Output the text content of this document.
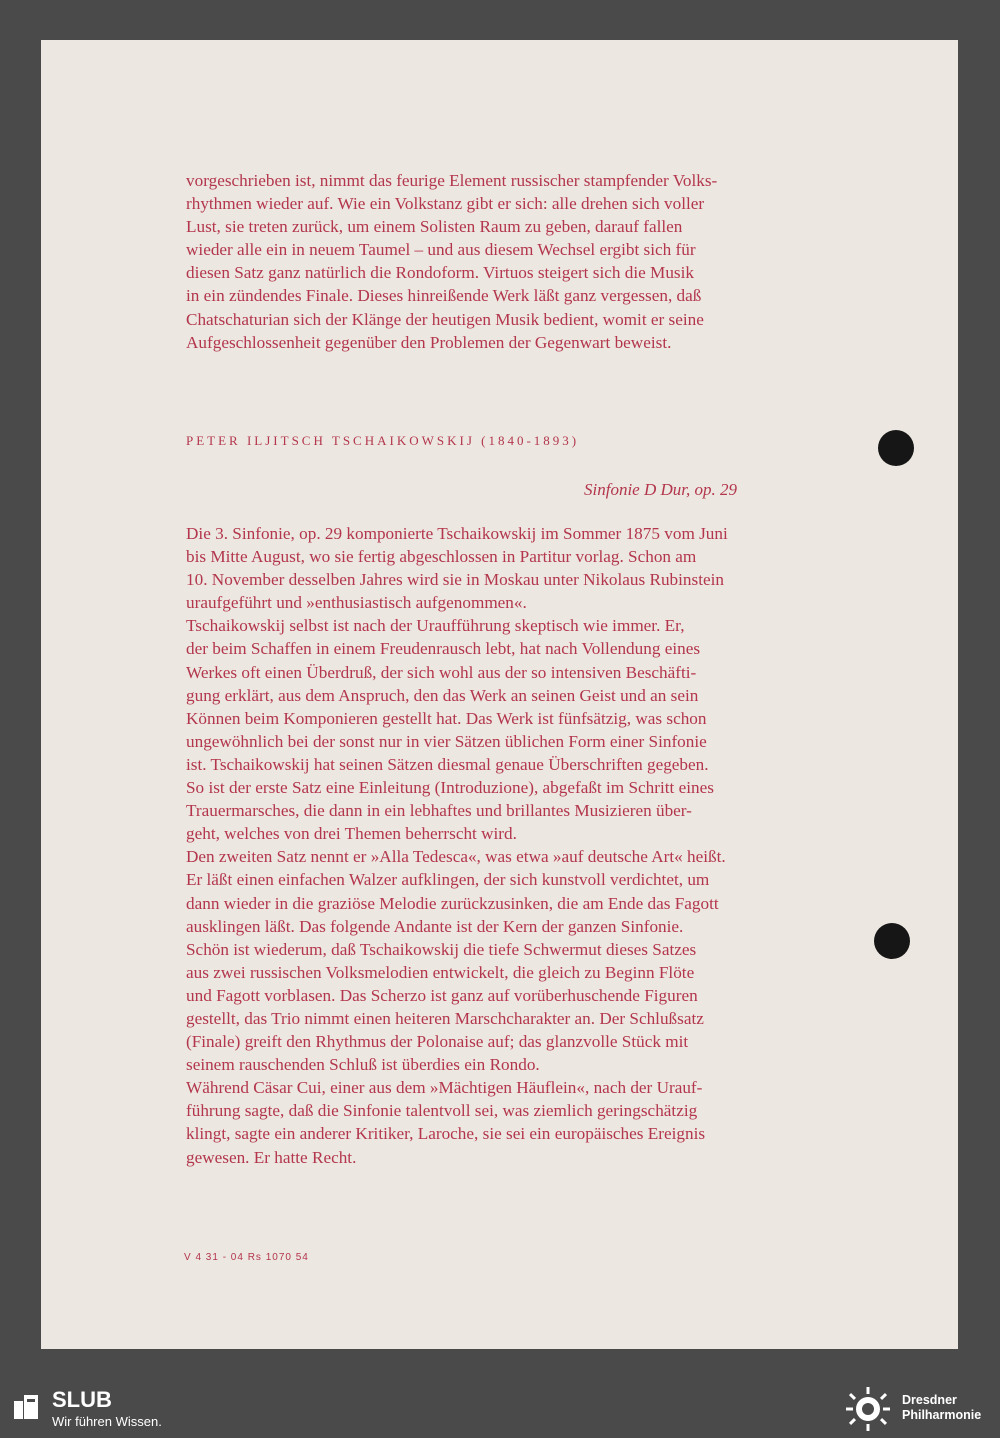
vorgeschrieben ist, nimmt das feurige Element russischer stampfender Volks-

rhythmen wieder auf. Wie ein Volkstanz gibt er sich: alle drehen sich voller

Lust, sie treten zurück, um einem Solisten Raum zu geben, darauf fallen

wieder alle ein in neuem Taumel – und aus diesem Wechsel ergibt sich für

diesen Satz ganz natürlich die Rondoform. Virtuos steigert sich die Musik

in ein zündendes Finale. Dieses hinreißende Werk läßt ganz vergessen, daß

Chatschaturian sich der Klänge der heutigen Musik bedient, womit er seine

Aufgeschlossenheit gegenüber den Problemen der Gegenwart beweist.

PETER ILJITSCH TSCHAIKOWSKIJ (1840-1893)
Sinfonie D Dur, op. 29

Die 3. Sinfonie, op. 29 komponierte Tschaikowskij im Sommer 1875 vom Juni

bis Mitte August, wo sie fertig abgeschlossen in Partitur vorlag. Schon am

10. November desselben Jahres wird sie in Moskau unter Nikolaus Rubinstein

uraufgeführt und »enthusiastisch aufgenommen«.

Tschaikowskij selbst ist nach der Uraufführung skeptisch wie immer. Er,

der beim Schaffen in einem Freudenrausch lebt, hat nach Vollendung eines

Werkes oft einen Überdruß, der sich wohl aus der so intensiven Beschäfti-

gung erklärt, aus dem Anspruch, den das Werk an seinen Geist und an sein

Können beim Komponieren gestellt hat. Das Werk ist fünfsätzig, was schon

ungewöhnlich bei der sonst nur in vier Sätzen üblichen Form einer Sinfonie

ist. Tschaikowskij hat seinen Sätzen diesmal genaue Überschriften gegeben.

So ist der erste Satz eine Einleitung (Introduzione), abgefaßt im Schritt eines

Trauermarsches, die dann in ein lebhaftes und brillantes Musizieren über-

geht, welches von drei Themen beherrscht wird.

Den zweiten Satz nennt er »Alla Tedesca«, was etwa »auf deutsche Art« heißt.

Er läßt einen einfachen Walzer aufklingen, der sich kunstvoll verdichtet, um

dann wieder in die graziöse Melodie zurückzusinken, die am Ende das Fagott

ausklingen läßt. Das folgende Andante ist der Kern der ganzen Sinfonie.

Schön ist wiederum, daß Tschaikowskij die tiefe Schwermut dieses Satzes

aus zwei russischen Volksmelodien entwickelt, die gleich zu Beginn Flöte

und Fagott vorblasen. Das Scherzo ist ganz auf vorüberhuschende Figuren

gestellt, das Trio nimmt einen heiteren Marschcharakter an. Der Schlußsatz

(Finale) greift den Rhythmus der Polonaise auf; das glanzvolle Stück mit

seinem rauschenden Schluß ist überdies ein Rondo.

Während Cäsar Cui, einer aus dem »Mächtigen Häuflein«, nach der Urauf-

führung sagte, daß die Sinfonie talentvoll sei, was ziemlich geringschätzig

klingt, sagte ein anderer Kritiker, Laroche, sie sei ein europäisches Ereignis

gewesen. Er hatte Recht.

V 4 31 - 04 Rs 1070 54
SLUB
Wir führen Wissen.
Dresdner
Philharmonie
